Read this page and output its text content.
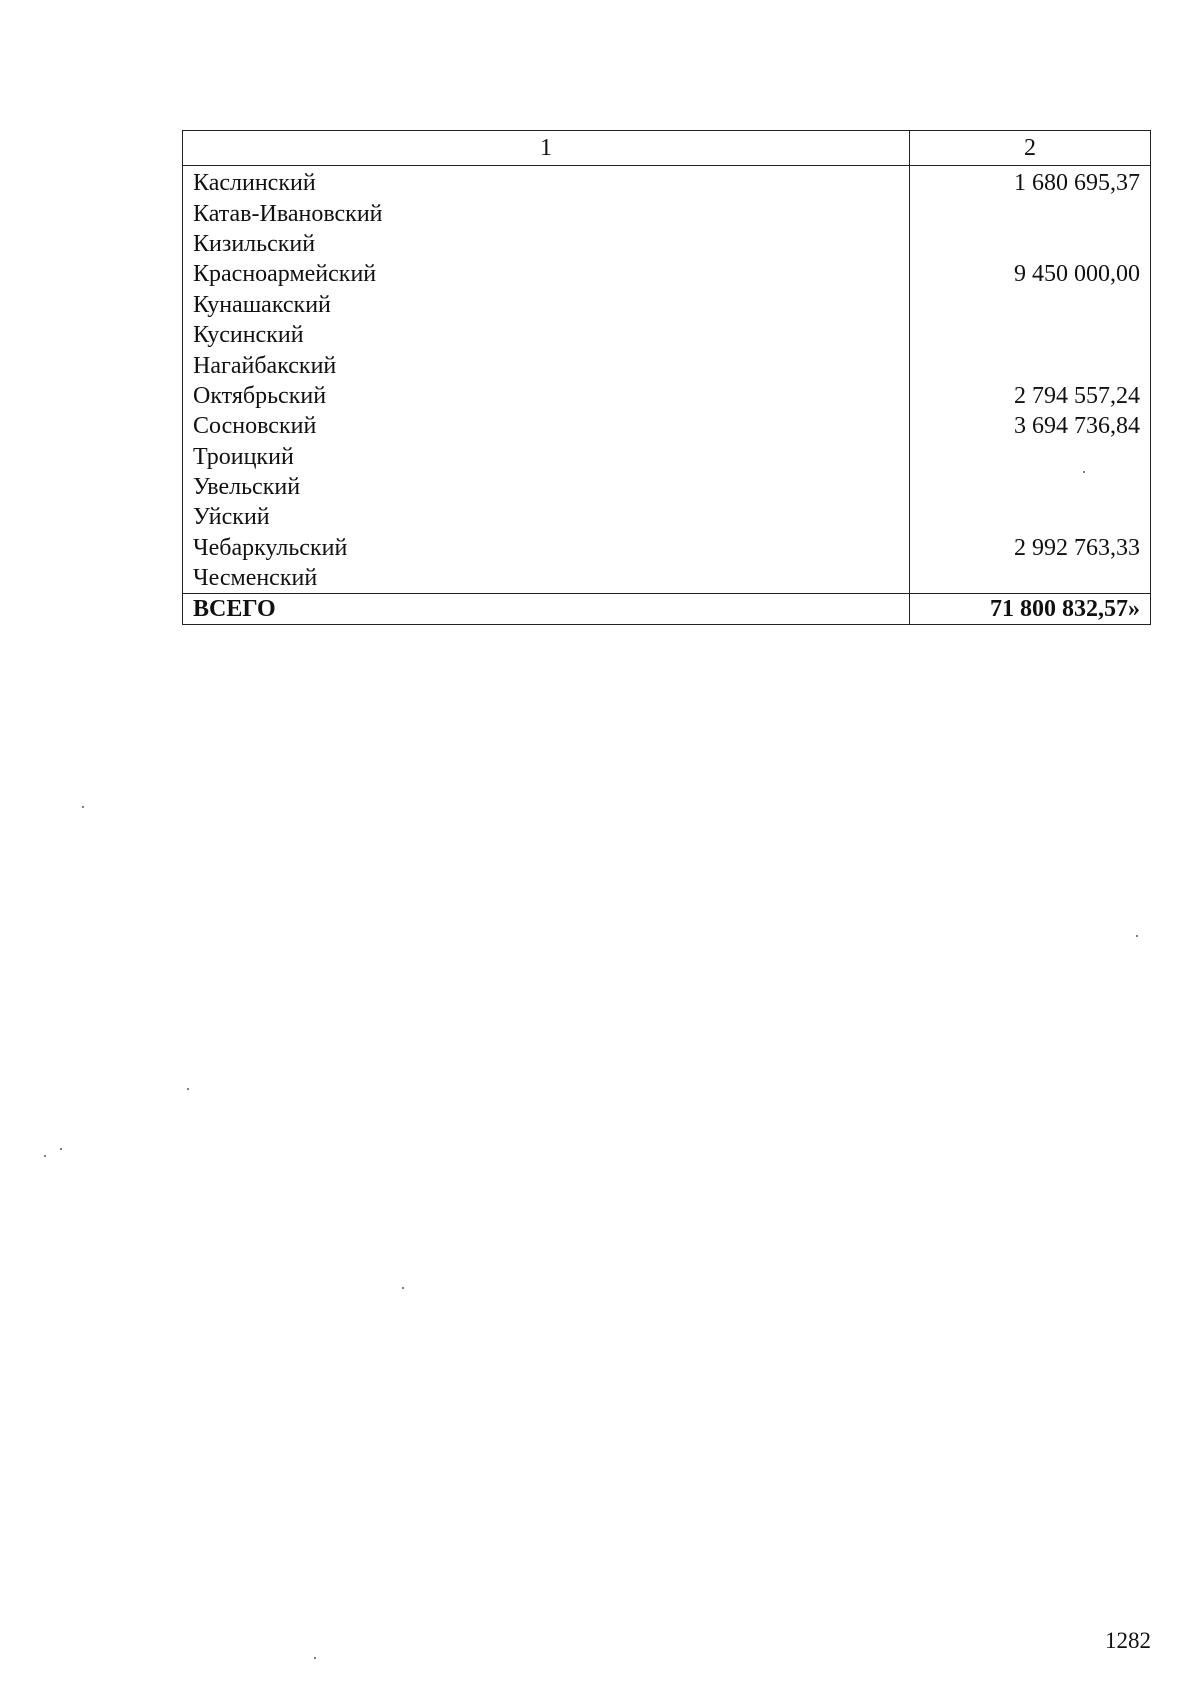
1	2
Каслинский	1 680 695,37
Катав-Ивановский	
Кизильский	
Красноармейский	9 450 000,00
Кунашакский	
Кусинский	
Нагайбакский	
Октябрьский	2 794 557,24
Сосновский	3 694 736,84
Троицкий	
Увельский	
Уйский	
Чебаркульский	2 992 763,33
Чесменский	
ВСЕГО	71 800 832,57»
1282
